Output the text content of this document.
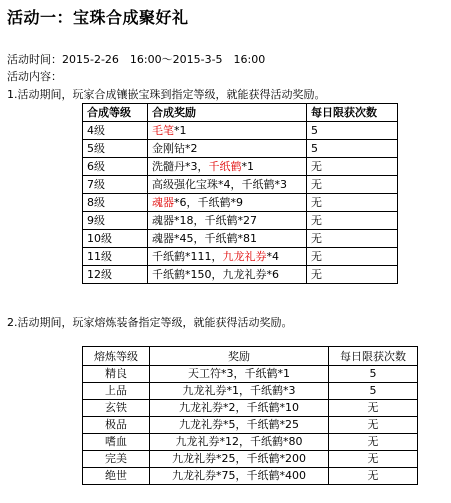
活动一：宝珠合成聚好礼
活动时间：2015-2-26　16:00～2015-3-5　16:00
活动内容：
1.活动期间，玩家合成镶嵌宝珠到指定等级，就能获得活动奖励。
合成等级	合成奖励	每日限获次数
4级	毛笔*1	5
5级	金刚钻*2	5
6级	洗髓丹*3，千纸鹤*1	无
7级	高级强化宝珠*4，千纸鹤*3	无
8级	魂器*6，千纸鹤*9	无
9级	魂器*18，千纸鹤*27	无
10级	魂器*45，千纸鹤*81	无
11级	千纸鹤*111，九龙礼券*4	无
12级	千纸鹤*150，九龙礼券*6	无
2.活动期间，玩家熔炼装备指定等级，就能获得活动奖励。
熔炼等级	奖励	每日限获次数
精良	天工符*3，千纸鹤*1	5
上品	九龙礼券*1，千纸鹤*3	5
玄铁	九龙礼券*2，千纸鹤*10	无
极品	九龙礼券*5，千纸鹤*25	无
嗜血	九龙礼券*12，千纸鹤*80	无
完美	九龙礼券*25，千纸鹤*200	无
绝世	九龙礼券*75，千纸鹤*400	无
